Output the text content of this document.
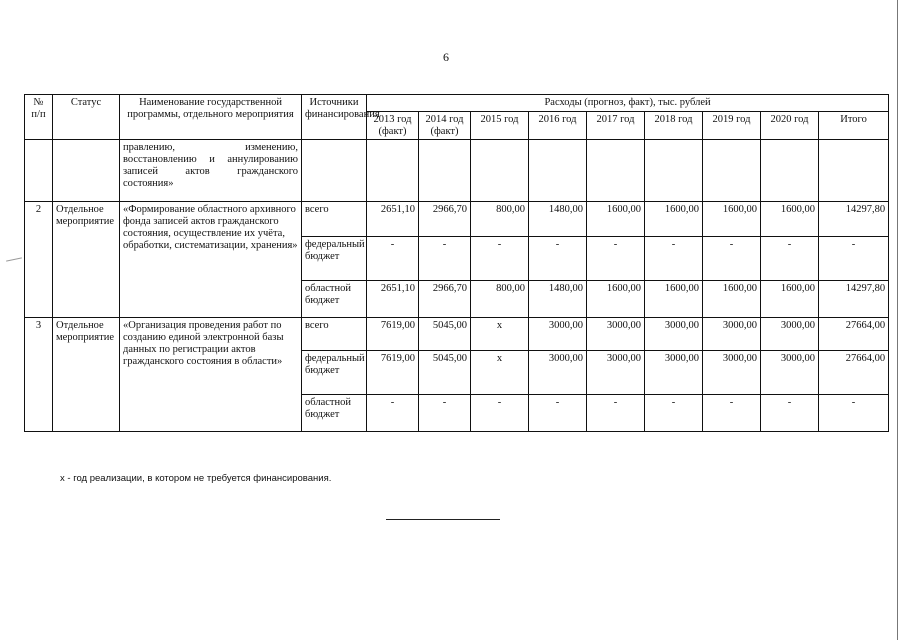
6
№ п/п	Статус	Наименование государственной программы, отдельного мероприятия	Источники финансирования	Расходы (прогноз, факт), тыс. рублей								
				2013 год (факт)	2014 год (факт)	2015 год	2016 год	2017 год	2018 год	2019 год	2020 год	Итого
		правлению, изменению, восстановлению и аннулированию записей актов гражданского состояния»										
2	Отдельное мероприятие	«Формирование областного архивного фонда записей актов гражданского состояния, осуществление их учёта, обработки, систематизации, хранения»	всего	2651,10	2966,70	800,00	1480,00	1600,00	1600,00	1600,00	1600,00	14297,80
			федеральный бюджет	-	-	-	-	-	-	-	-	-
			областной бюджет	2651,10	2966,70	800,00	1480,00	1600,00	1600,00	1600,00	1600,00	14297,80
3	Отдельное мероприятие	«Организация проведения работ по созданию единой электронной базы данных по регистрации актов гражданского состояния в области»	всего	7619,00	5045,00	х	3000,00	3000,00	3000,00	3000,00	3000,00	27664,00
			федеральный бюджет	7619,00	5045,00	х	3000,00	3000,00	3000,00	3000,00	3000,00	27664,00
			областной бюджет	-	-	-	-	-	-	-	-	-
х - год реализации, в котором не требуется финансирования.
